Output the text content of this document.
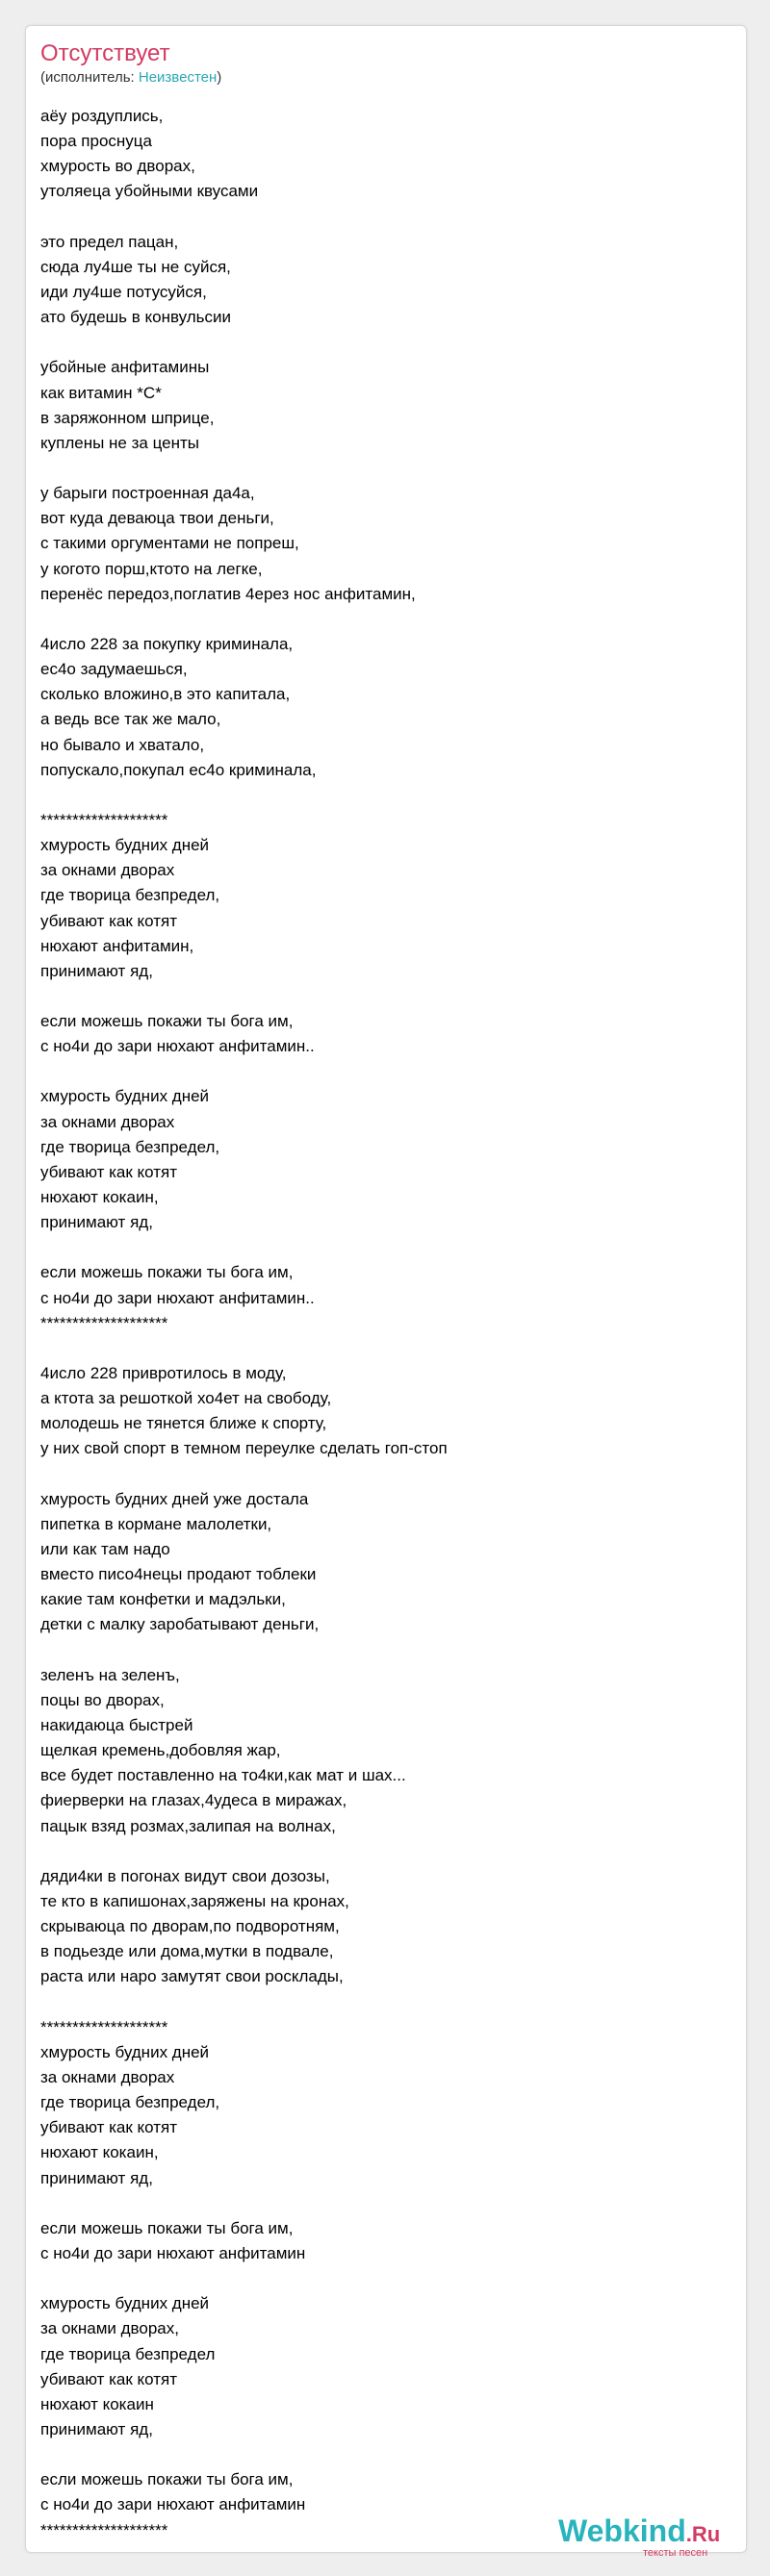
Отсутствует
(исполнитель: Неизвестен)
аёу роздуплись,
пора проснуца
хмурость во дворах,
утоляеца убойными квусами
это предел пацан,
сюда лу4ше ты не суйся,
иди лу4ше потусуйся,
ато будешь в конвульсии
убойные анфитамины
как витамин *С*
в заряжонном шприце,
куплены не за центы
у барыги построенная да4а,
вот куда деваюца твои деньги,
с такими оргументами не попреш,
у когото порш,ктото на легке,
перенёс передоз,поглатив 4ерез нос анфитамин,
4исло 228 за покупку криминала,
ес4о задумаешься,
сколько вложино,в это капитала,
а ведь все так же мало,
но бывало и хватало,
попускало,покупал ес4о криминала,
********************
хмурость будних дней
за окнами дворах
где творица безпредел,
убивают как котят
нюхают анфитамин,
принимают яд,
если можешь покажи ты бога им,
с но4и до зари нюхают анфитамин..
хмурость будних дней
за окнами дворах
где творица безпредел,
убивают как котят
нюхают кокаин,
принимают яд,
если можешь покажи ты бога им,
с но4и до зари нюхают анфитамин..
********************
4исло 228 привротилось в моду,
а ктота за решоткой хо4ет на свободу,
молодешь не тянется ближе к спорту,
у них свой спорт в темном переулке сделать гоп-стоп
хмурость будних дней уже достала
пипетка в кормане малолетки,
или как там надо
вместо писо4нецы продают тоблеки
какие там конфетки и мадэльки,
детки с малку заробатывают деньги,
зеленъ на зеленъ,
поцы во дворах,
накидаюца быстрей
щелкая кремень,добовляя жар,
все будет поставленно на то4ки,как мат и шах...
фиерверки на глазах,4удеса в миражах,
пацык взяд розмах,залипая на волнах,
дяди4ки в погонах видут свои дозозы,
те кто в капишонах,заряжены на кронах,
скрываюца по дворам,по подворотням,
в подьезде или дома,мутки в подвале,
раста или наро замутят свои росклады,
********************
хмурость будних дней
за окнами дворах
где творица безпредел,
убивают как котят
нюхают кокаин,
принимают яд,
если можешь покажи ты бога им,
с но4и до зари нюхают анфитамин
хмурость будних дней
за окнами дворах,
где творица безпредел
убивают как котят
нюхают кокаин
принимают яд,
если можешь покажи ты бога им,
с но4и до зари нюхают анфитамин
********************	Webkind.Ru
тексты песен
